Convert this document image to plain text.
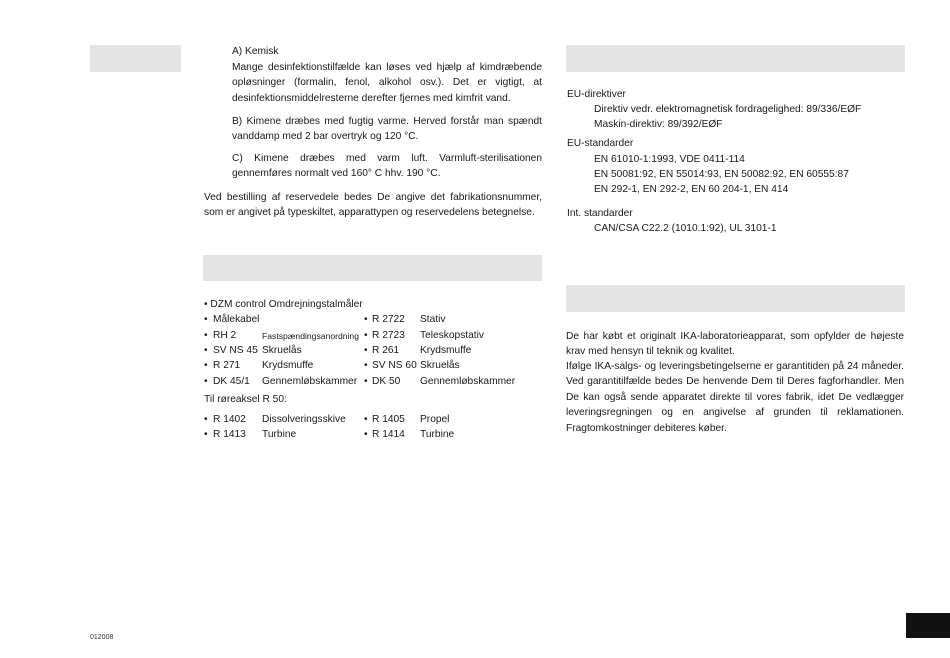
A) Kemisk
Mange desinfektionstilfælde kan løses ved hjælp af kimdræbende opløsninger (formalin, fenol, alkohol osv.). Det er vigtigt, at desinfektionsmiddelresterne derefter fjernes med kimfrit vand.
B) Kimene dræbes med fugtig varme. Herved forstår man spændt vanddamp med 2 bar overtryk og 120 °C.
C) Kimene dræbes med varm luft. Varmluft-sterilisationen gennemføres normalt ved 160° C hhv. 190 °C.
Ved bestilling af reservedele bedes De angive det fabrikationsnummer, som er angivet på typeskiltet, apparattypen og reservedelens betegnelse.
• DZM control Omdrejningstalmåler
• Målekabel	• R 2722 Stativ
• RH 2	Fastspændingsanordning • R 2723 Teleskopstativ
• SV NS 45 Skruelås	• R 261 Krydsmuffe
• R 271 Krydsmuffe	• SV NS 60 Skruelås
• DK 45/1 Gennemløbskammer • DK 50 Gennemløbskammer
Til røreaksel R 50:
• R 1402 Dissolveringsskive • R 1405 Propel
• R 1413 Turbine	• R 1414 Turbine
EU-direktiver
Direktiv vedr. elektromagnetisk fordragelighed: 89/336/EØF
Maskin-direktiv: 89/392/EØF
EU-standarder
EN 61010-1:1993, VDE 0411-114
EN 50081:92, EN 55014:93, EN 50082:92, EN 60555:87
EN 292-1, EN 292-2, EN 60 204-1, EN 414
Int. standarder
CAN/CSA C22.2 (1010.1:92), UL 3101-1
De har købt et originalt IKA-laboratorieapparat, som opfylder de højeste krav med hensyn til teknik og kvalitet.
Ifølge IKA-salgs- og leveringsbetingelserne er garantitiden på 24 måneder. Ved garantitilfælde bedes De henvende Dem til Deres fagforhandler. Men De kan også sende apparatet direkte til vores fabrik, idet De vedlægger leveringsregningen og en angivelse af grunden til reklamationen. Fragtomkostninger debiteres køber.
012008
